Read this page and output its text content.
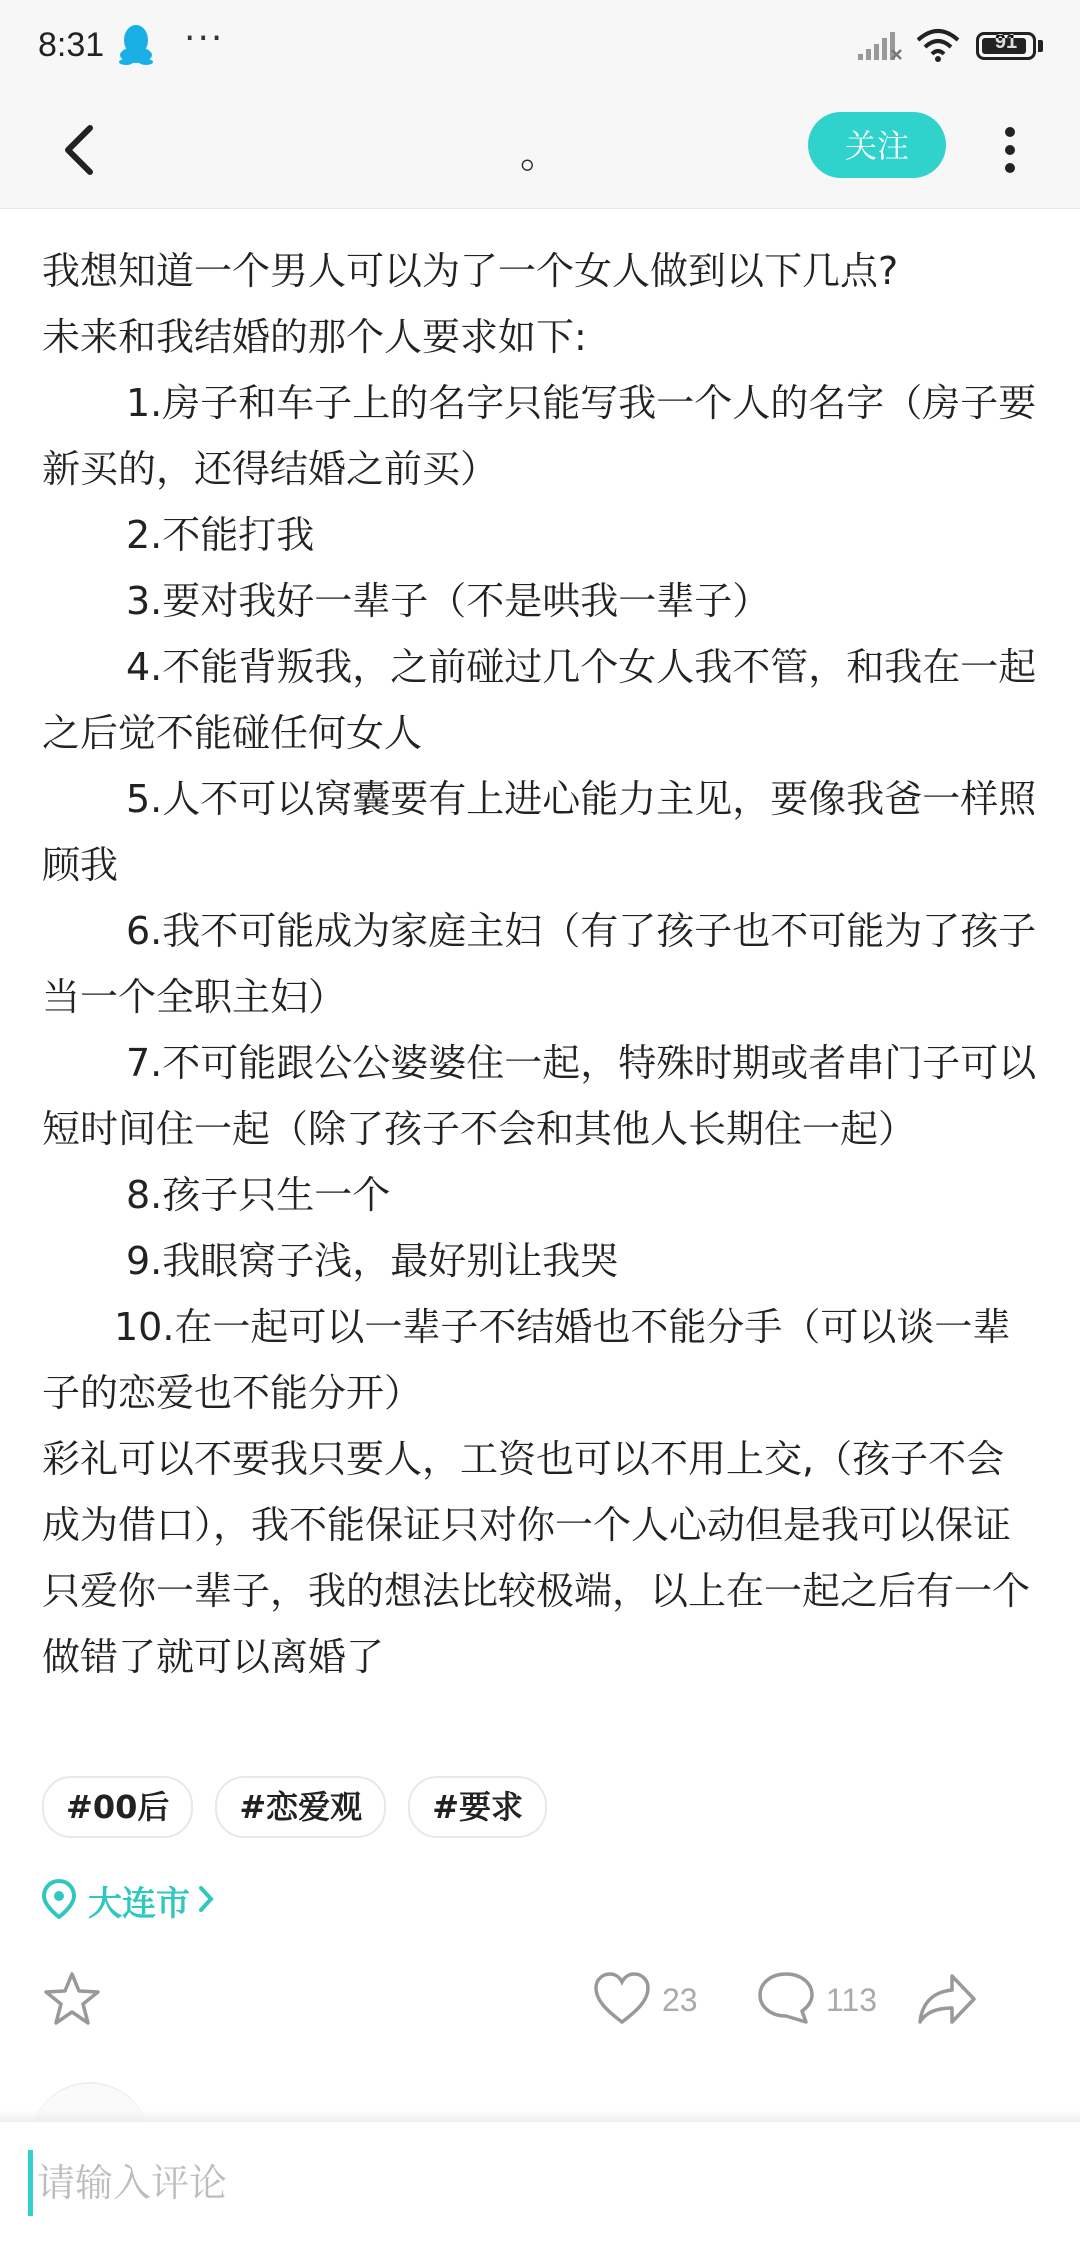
8:31 ···	91
。	关注

我想知道一个男人可以为了一个女人做到以下几点?

未来和我结婚的那个人要求如下:

1.房子和车子上的名字只能写我一个人的名字（房子要新买的，还得结婚之前买）

2.不能打我

3.要对我好一辈子（不是哄我一辈子）

4.不能背叛我，之前碰过几个女人我不管，和我在一起之后觉不能碰任何女人

5.人不可以窝囊要有上进心能力主见，要像我爸一样照顾我

6.我不可能成为家庭主妇（有了孩子也不可能为了孩子当一个全职主妇）

7.不可能跟公公婆婆住一起，特殊时期或者串门子可以短时间住一起（除了孩子不会和其他人长期住一起）

8.孩子只生一个

9.我眼窝子浅，最好别让我哭

10.在一起可以一辈子不结婚也不能分手（可以谈一辈子的恋爱也不能分开）

彩礼可以不要我只要人，工资也可以不用上交,（孩子不会成为借口），我不能保证只对你一个人心动但是我可以保证只爱你一辈子，我的想法比较极端，以上在一起之后有一个做错了就可以离婚了

#00后	#恋爱观	#要求
大连市
23	113
请输入评论
